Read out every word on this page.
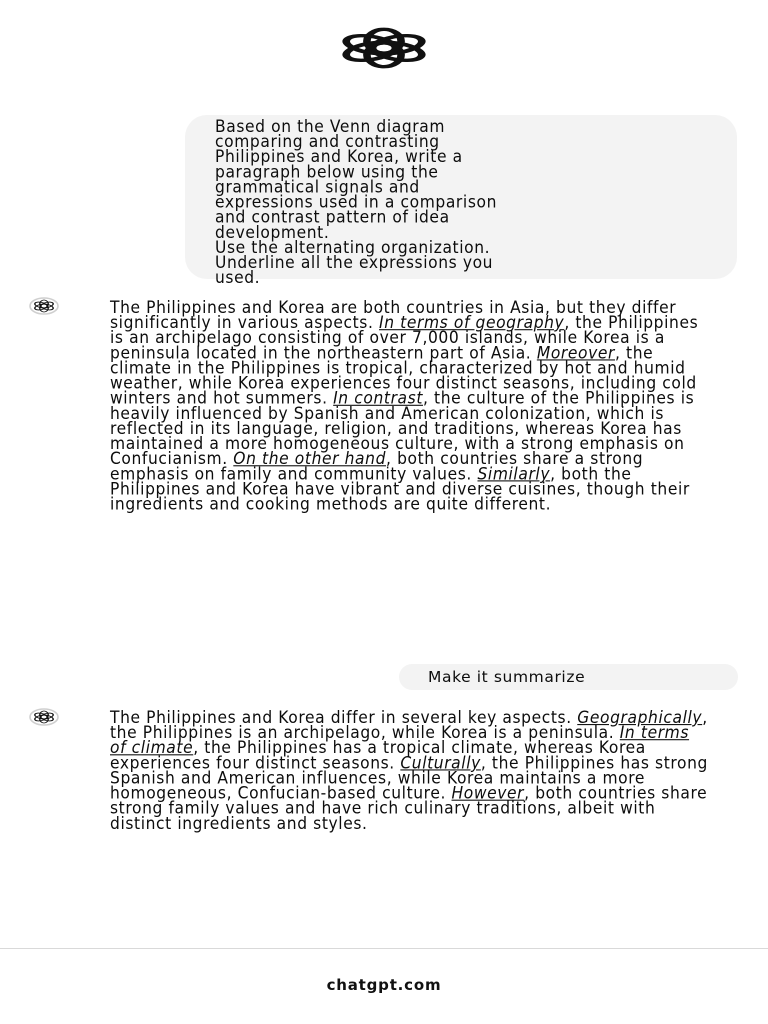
Based on the Venn diagram
comparing and contrasting
Philippines and Korea, write a
paragraph below using the
grammatical signals and
expressions used in a comparison
and contrast pattern of idea
development.
Use the alternating organization.
Underline all the expressions you
used.

The Philippines and Korea are both countries in Asia, but they differ significantly in various aspects. In terms of geography, the Philippines is an archipelago consisting of over 7,000 islands, while Korea is a peninsula located in the northeastern part of Asia. Moreover, the climate in the Philippines is tropical, characterized by hot and humid weather, while Korea experiences four distinct seasons, including cold winters and hot summers. In contrast, the culture of the Philippines is heavily influenced by Spanish and American colonization, which is reflected in its language, religion, and traditions, whereas Korea has maintained a more homogeneous culture, with a strong emphasis on Confucianism. On the other hand, both countries share a strong emphasis on family and community values. Similarly, both the Philippines and Korea have vibrant and diverse cuisines, though their ingredients and cooking methods are quite different.

Make it summarize

The Philippines and Korea differ in several key aspects. Geographically, the Philippines is an archipelago, while Korea is a peninsula. In terms of climate, the Philippines has a tropical climate, whereas Korea experiences four distinct seasons. Culturally, the Philippines has strong Spanish and American influences, while Korea maintains a more homogeneous, Confucian-based culture. However, both countries share strong family values and have rich culinary traditions, albeit with distinct ingredients and styles.

chatgpt.com
